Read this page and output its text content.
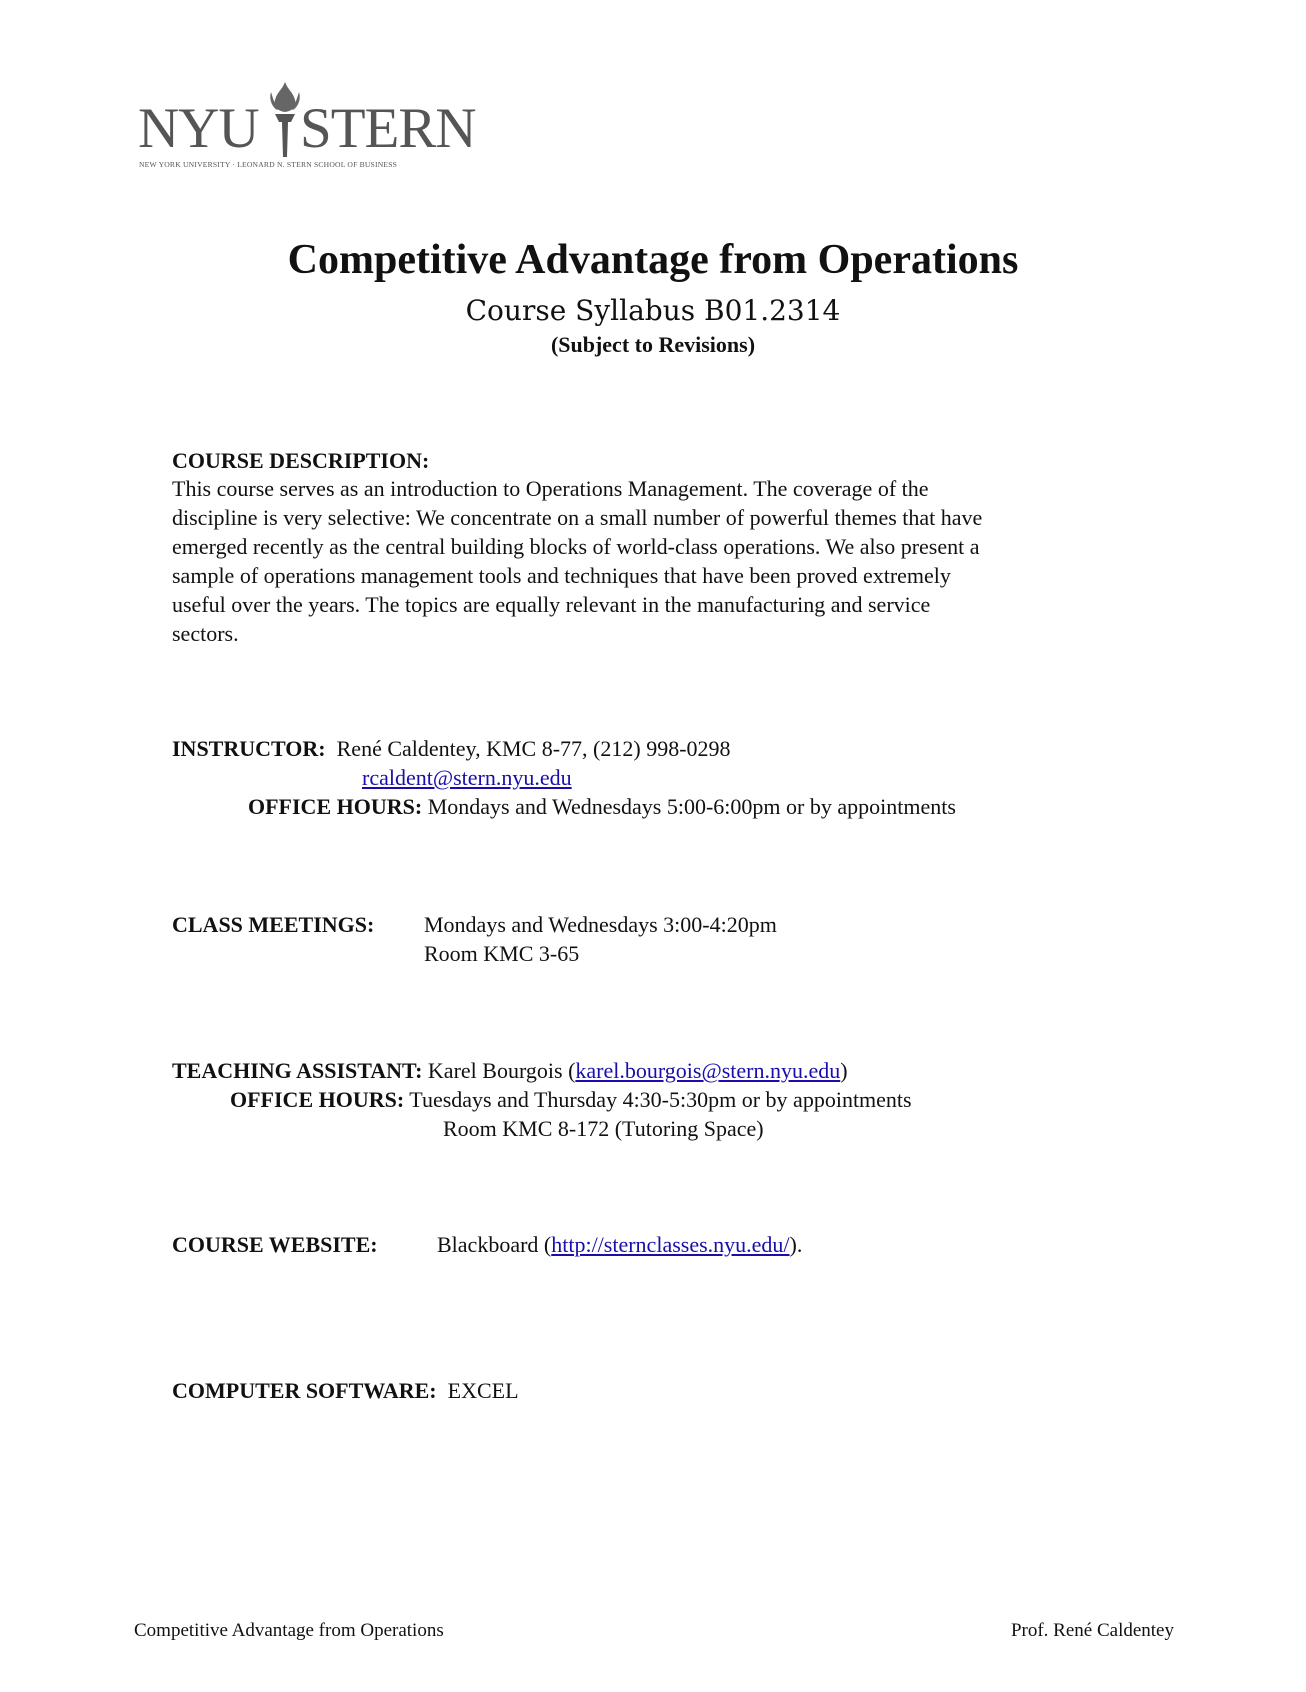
NYU STERN
NEW YORK UNIVERSITY · LEONARD N. STERN SCHOOL OF BUSINESS
Competitive Advantage from Operations
Course Syllabus B01.2314
(Subject to Revisions)
COURSE DESCRIPTION:
This course serves as an introduction to Operations Management. The coverage of the
discipline is very selective: We concentrate on a small number of powerful themes that have
emerged recently as the central building blocks of world-class operations. We also present a
sample of operations management tools and techniques that have been proved extremely
useful over the years. The topics are equally relevant in the manufacturing and service
sectors.
INSTRUCTOR: René Caldentey, KMC 8-77, (212) 998-0298
rcaldent@stern.nyu.edu
OFFICE HOURS: Mondays and Wednesdays 5:00-6:00pm or by appointments
CLASS MEETINGS: Mondays and Wednesdays 3:00-4:20pm
Room KMC 3-65
TEACHING ASSISTANT: Karel Bourgois (karel.bourgois@stern.nyu.edu)
OFFICE HOURS: Tuesdays and Thursday 4:30-5:30pm or by appointments
Room KMC 8-172 (Tutoring Space)
COURSE WEBSITE:	Blackboard (http://sternclasses.nyu.edu/).
COMPUTER SOFTWARE: EXCEL
Competitive Advantage from Operations	Prof. René Caldentey
